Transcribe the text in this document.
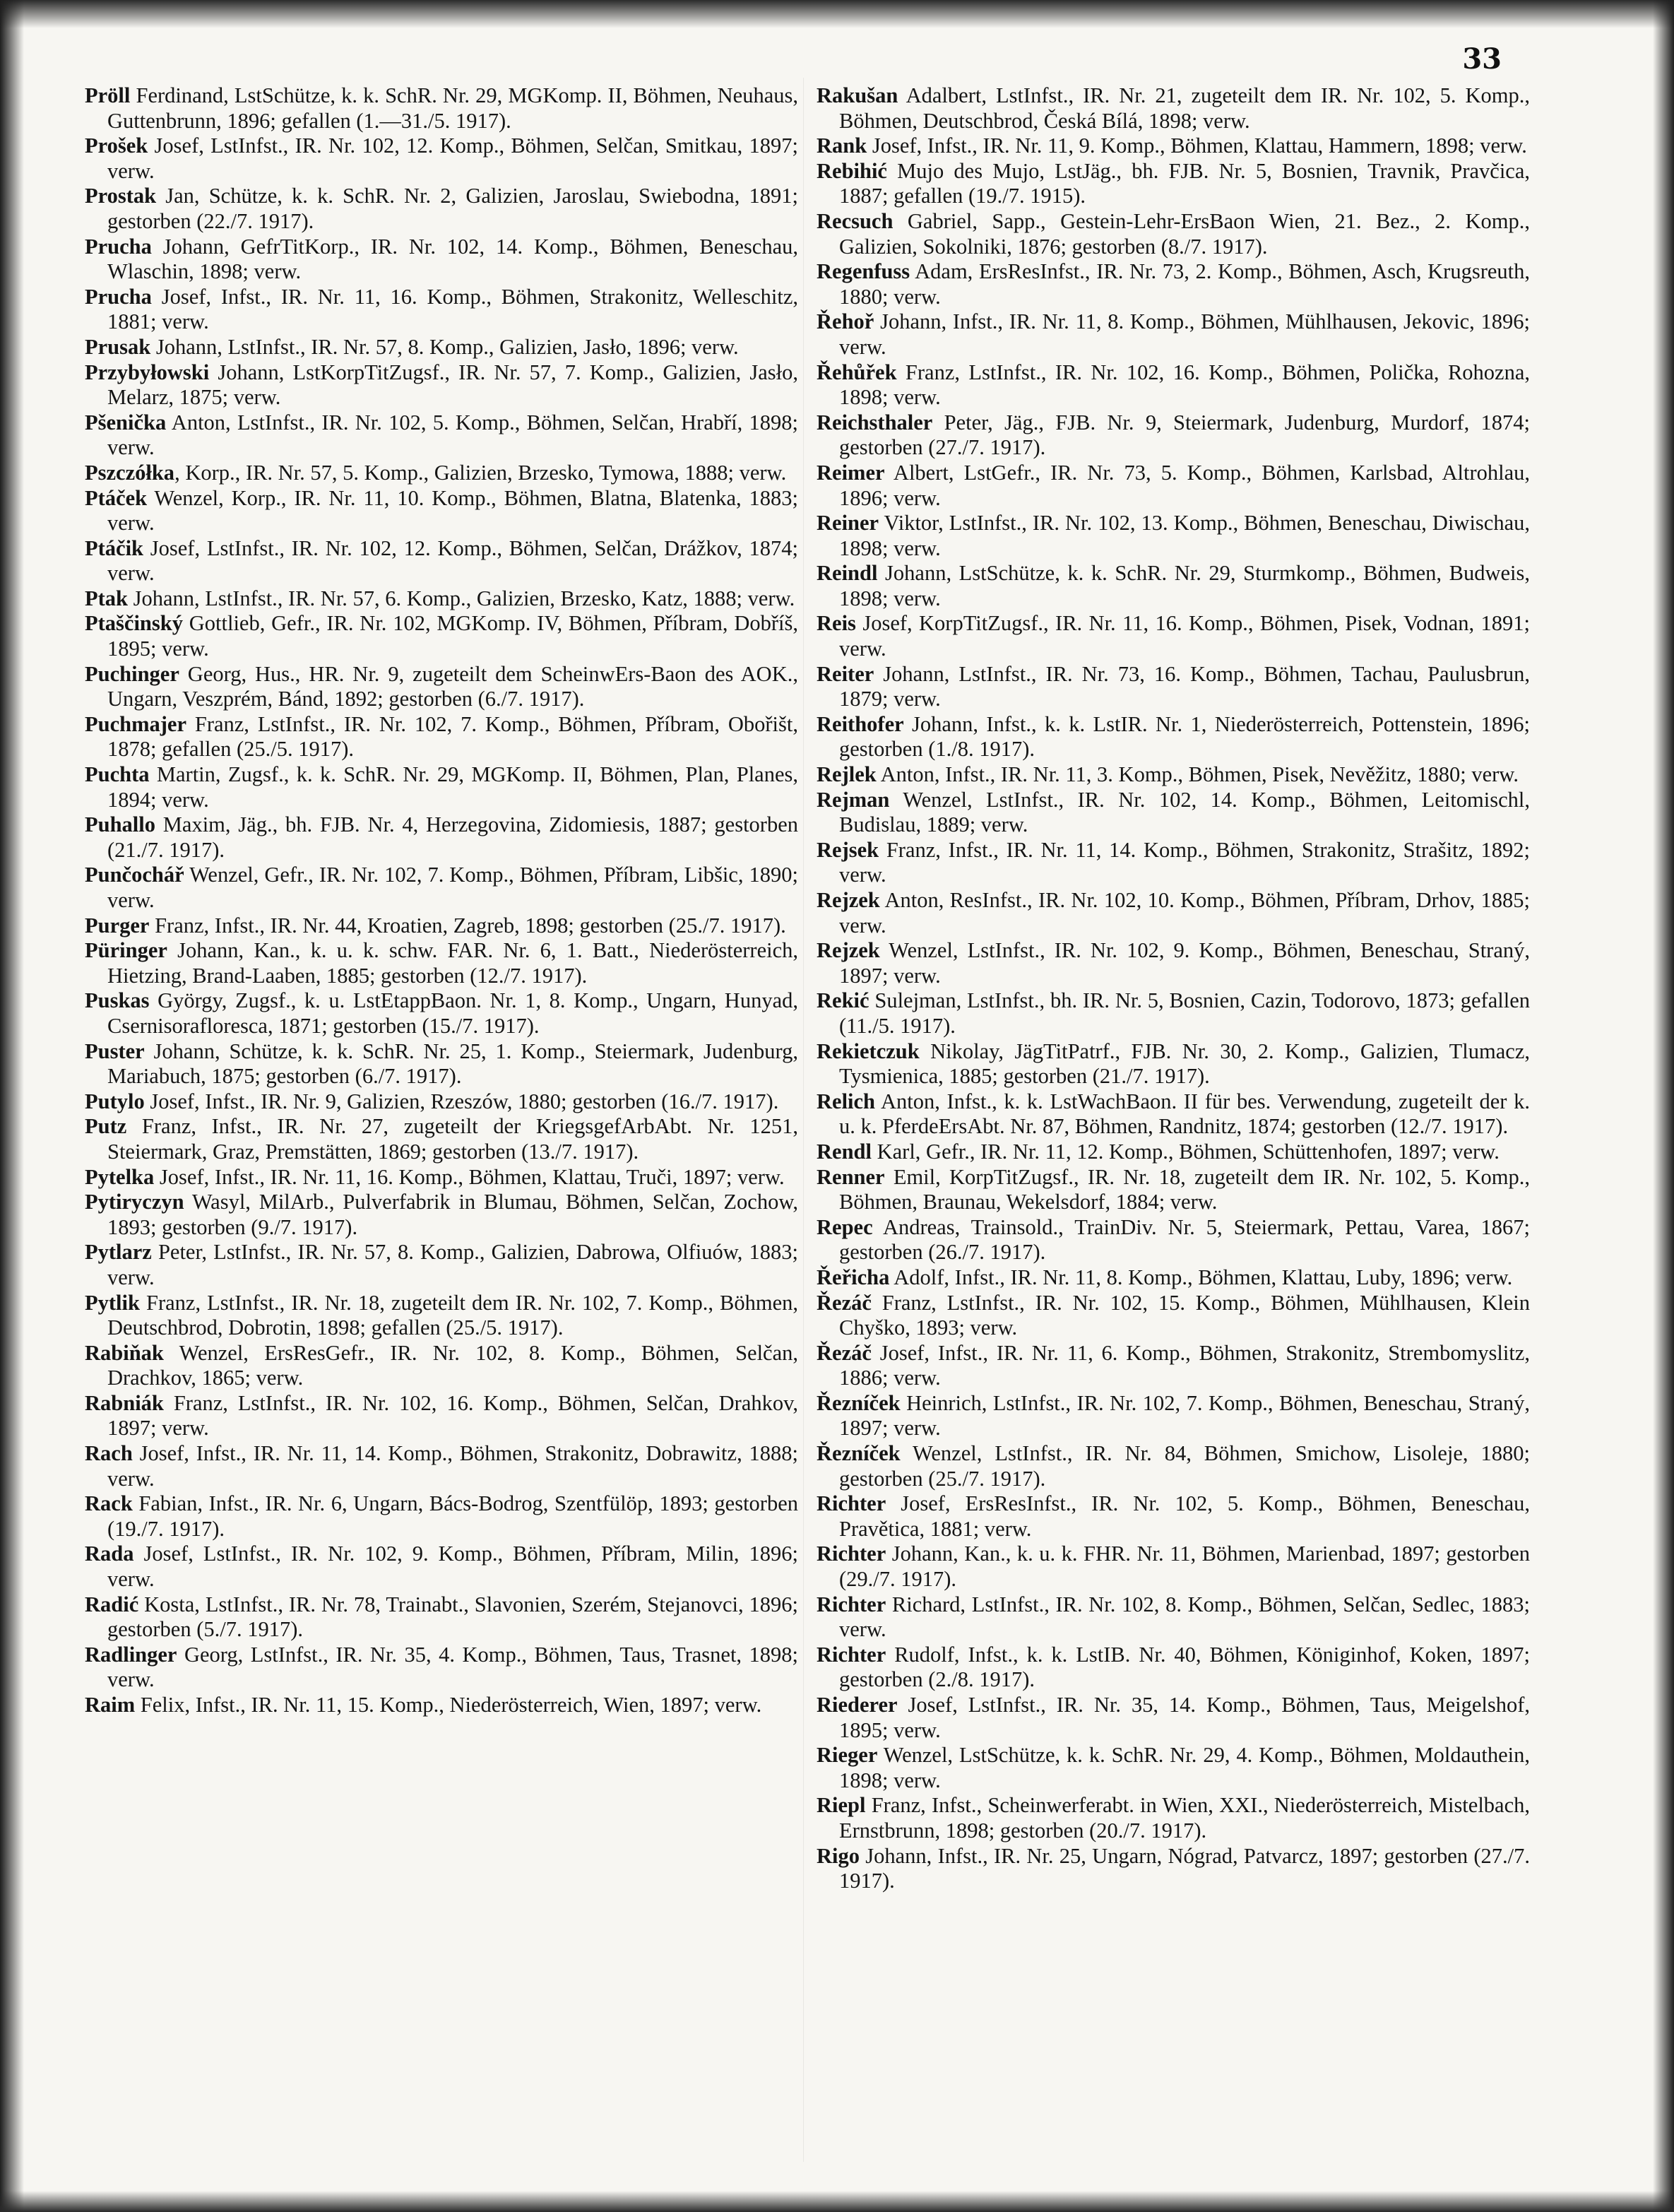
33

Pröll Ferdinand, LstSchütze, k. k. SchR. Nr. 29, MGKomp. II, Böhmen, Neuhaus, Guttenbrunn, 1896; gefallen (1.—31./5. 1917).

Prošek Josef, LstInfst., IR. Nr. 102, 12. Komp., Böhmen, Selčan, Smitkau, 1897; verw.

Prostak Jan, Schütze, k. k. SchR. Nr. 2, Galizien, Jaroslau, Swiebodna, 1891; gestorben (22./7. 1917).

Prucha Johann, GefrTitKorp., IR. Nr. 102, 14. Komp., Böhmen, Beneschau, Wlaschin, 1898; verw.

Prucha Josef, Infst., IR. Nr. 11, 16. Komp., Böhmen, Strakonitz, Welleschitz, 1881; verw.

Prusak Johann, LstInfst., IR. Nr. 57, 8. Komp., Galizien, Jasło, 1896; verw.

Przybyłowski Johann, LstKorpTitZugsf., IR. Nr. 57, 7. Komp., Galizien, Jasło, Melarz, 1875; verw.

Pšenička Anton, LstInfst., IR. Nr. 102, 5. Komp., Böhmen, Selčan, Hrabří, 1898; verw.

Pszczółka, Korp., IR. Nr. 57, 5. Komp., Galizien, Brzesko, Tymowa, 1888; verw.

Ptáček Wenzel, Korp., IR. Nr. 11, 10. Komp., Böhmen, Blatna, Blatenka, 1883; verw.

Ptáčik Josef, LstInfst., IR. Nr. 102, 12. Komp., Böhmen, Selčan, Drážkov, 1874; verw.

Ptak Johann, LstInfst., IR. Nr. 57, 6. Komp., Galizien, Brzesko, Katz, 1888; verw.

Ptaščinský Gottlieb, Gefr., IR. Nr. 102, MGKomp. IV, Böhmen, Příbram, Dobříš, 1895; verw.

Puchinger Georg, Hus., HR. Nr. 9, zugeteilt dem SchеinwErs-Baon des AOK., Ungarn, Veszprém, Bánd, 1892; gestorben (6./7. 1917).

Puchmajer Franz, LstInfst., IR. Nr. 102, 7. Komp., Böhmen, Příbram, Obořišt, 1878; gefallen (25./5. 1917).

Puchta Martin, Zugsf., k. k. SchR. Nr. 29, MGKomp. II, Böhmen, Plan, Planes, 1894; verw.

Puhallo Maxim, Jäg., bh. FJB. Nr. 4, Herzegovina, Zidomiesis, 1887; gestorben (21./7. 1917).

Punčochář Wenzel, Gefr., IR. Nr. 102, 7. Komp., Böhmen, Příbram, Libšic, 1890; verw.

Purger Franz, Infst., IR. Nr. 44, Kroatien, Zagreb, 1898; gestorben (25./7. 1917).

Püringer Johann, Kan., k. u. k. schw. FAR. Nr. 6, 1. Batt., Niederösterreich, Hietzing, Brand-Laaben, 1885; gestorben (12./7. 1917).

Puskas György, Zugsf., k. u. LstEtappBaon. Nr. 1, 8. Komp., Ungarn, Hunyad, Csernisorafloresca, 1871; gestorben (15./7. 1917).

Puster Johann, Schütze, k. k. SchR. Nr. 25, 1. Komp., Steiermark, Judenburg, Mariabuch, 1875; gestorben (6./7. 1917).

Putylo Josef, Infst., IR. Nr. 9, Galizien, Rzeszów, 1880; gestorben (16./7. 1917).

Putz Franz, Infst., IR. Nr. 27, zugeteilt der KriegsgefArbAbt. Nr. 1251, Steiermark, Graz, Premstätten, 1869; gestorben (13./7. 1917).

Pytelka Josef, Infst., IR. Nr. 11, 16. Komp., Böhmen, Klattau, Truči, 1897; verw.

Pytiryczyn Wasyl, MilArb., Pulverfabrik in Blumau, Böhmen, Selčan, Zochow, 1893; gestorben (9./7. 1917).

Pytlarz Peter, LstInfst., IR. Nr. 57, 8. Komp., Galizien, Dabrowa, Olfiuów, 1883; verw.

Pytlik Franz, LstInfst., IR. Nr. 18, zugeteilt dem IR. Nr. 102, 7. Komp., Böhmen, Deutschbrod, Dobrotin, 1898; gefallen (25./5. 1917).

Rabiňak Wenzel, ErsResGefr., IR. Nr. 102, 8. Komp., Böhmen, Selčan, Drachkov, 1865; verw.

Rabniák Franz, LstInfst., IR. Nr. 102, 16. Komp., Böhmen, Selčan, Drahkov, 1897; verw.

Rach Josef, Infst., IR. Nr. 11, 14. Komp., Böhmen, Strakonitz, Dobrawitz, 1888; verw.

Rack Fabian, Infst., IR. Nr. 6, Ungarn, Bács-Bodrog, Szentfülöp, 1893; gestorben (19./7. 1917).

Rada Josef, LstInfst., IR. Nr. 102, 9. Komp., Böhmen, Příbram, Milin, 1896; verw.

Radić Kosta, LstInfst., IR. Nr. 78, Trainabt., Slavonien, Szerém, Stejanovci, 1896; gestorben (5./7. 1917).

Radlinger Georg, LstInfst., IR. Nr. 35, 4. Komp., Böhmen, Taus, Trasnet, 1898; verw.

Raim Felix, Infst., IR. Nr. 11, 15. Komp., Niederösterreich, Wien, 1897; verw.

Rakušan Adalbert, LstInfst., IR. Nr. 21, zugeteilt dem IR. Nr. 102, 5. Komp., Böhmen, Deutschbrod, Česká Bílá, 1898; verw.

Rank Josef, Infst., IR. Nr. 11, 9. Komp., Böhmen, Klattau, Hammern, 1898; verw.

Rebihić Mujo des Mujo, LstJäg., bh. FJB. Nr. 5, Bosnien, Travnik, Pravčica, 1887; gefallen (19./7. 1915).

Recsuch Gabriel, Sapp., Gestein-Lehr-ErsBaon Wien, 21. Bez., 2. Komp., Galizien, Sokolniki, 1876; gestorben (8./7. 1917).

Regenfuss Adam, ErsResInfst., IR. Nr. 73, 2. Komp., Böhmen, Asch, Krugsreuth, 1880; verw.

Řehoř Johann, Infst., IR. Nr. 11, 8. Komp., Böhmen, Mühlhausen, Jekovic, 1896; verw.

Řehůřek Franz, LstInfst., IR. Nr. 102, 16. Komp., Böhmen, Polička, Rohozna, 1898; verw.

Reichsthaler Peter, Jäg., FJB. Nr. 9, Steiermark, Judenburg, Murdorf, 1874; gestorben (27./7. 1917).

Reimer Albert, LstGefr., IR. Nr. 73, 5. Komp., Böhmen, Karlsbad, Altrohlau, 1896; verw.

Reiner Viktor, LstInfst., IR. Nr. 102, 13. Komp., Böhmen, Beneschau, Diwischau, 1898; verw.

Reindl Johann, LstSchütze, k. k. SchR. Nr. 29, Sturmkomp., Böhmen, Budweis, 1898; verw.

Reis Josef, KorpTitZugsf., IR. Nr. 11, 16. Komp., Böhmen, Pisek, Vodnan, 1891; verw.

Reiter Johann, LstInfst., IR. Nr. 73, 16. Komp., Böhmen, Tachau, Paulusbrun, 1879; verw.

Reithofer Johann, Infst., k. k. LstIR. Nr. 1, Niederösterreich, Pottenstein, 1896; gestorben (1./8. 1917).

Rejlek Anton, Infst., IR. Nr. 11, 3. Komp., Böhmen, Pisek, Nevěžitz, 1880; verw.

Rejman Wenzel, LstInfst., IR. Nr. 102, 14. Komp., Böhmen, Leitomischl, Budislau, 1889; verw.

Rejsek Franz, Infst., IR. Nr. 11, 14. Komp., Böhmen, Strakonitz, Strašitz, 1892; verw.

Rejzek Anton, ResInfst., IR. Nr. 102, 10. Komp., Böhmen, Příbram, Drhov, 1885; verw.

Rejzek Wenzel, LstInfst., IR. Nr. 102, 9. Komp., Böhmen, Beneschau, Strаný, 1897; verw.

Rekić Sulejman, LstInfst., bh. IR. Nr. 5, Bosnien, Cazin, Todorovo, 1873; gefallen (11./5. 1917).

Rekietczuk Nikolay, JägTitPatrf., FJB. Nr. 30, 2. Komp., Galizien, Tlumacz, Tysmienica, 1885; gestorben (21./7. 1917).

Relich Anton, Infst., k. k. LstWachBaon. II für bes. Verwendung, zugeteilt der k. u. k. PferdeErsAbt. Nr. 87, Böhmen, Randnitz, 1874; gestorben (12./7. 1917).

Rendl Karl, Gefr., IR. Nr. 11, 12. Komp., Böhmen, Schüttenhofen, 1897; verw.

Renner Emil, KorpTitZugsf., IR. Nr. 18, zugeteilt dem IR. Nr. 102, 5. Komp., Böhmen, Braunau, Wekelsdorf, 1884; verw.

Repec Andreas, Trainsold., TrainDiv. Nr. 5, Steiermark, Pettau, Varea, 1867; gestorben (26./7. 1917).

Řeřicha Adolf, Infst., IR. Nr. 11, 8. Komp., Böhmen, Klattau, Luby, 1896; verw.

Řezáč Franz, LstInfst., IR. Nr. 102, 15. Komp., Böhmen, Mühlhausen, Klein Chyško, 1893; verw.

Řezáč Josef, Infst., IR. Nr. 11, 6. Komp., Böhmen, Strakonitz, Strembomyslitz, 1886; verw.

Řezníček Heinrich, LstInfst., IR. Nr. 102, 7. Komp., Böhmen, Beneschau, Strаný, 1897; verw.

Řezníček Wenzel, LstInfst., IR. Nr. 84, Böhmen, Smichow, Lisoleje, 1880; gestorben (25./7. 1917).

Richter Josef, ErsResInfst., IR. Nr. 102, 5. Komp., Böhmen, Beneschau, Pravětica, 1881; verw.

Richter Johann, Kan., k. u. k. FHR. Nr. 11, Böhmen, Marienbad, 1897; gestorben (29./7. 1917).

Richter Richard, LstInfst., IR. Nr. 102, 8. Komp., Böhmen, Selčan, Sedlec, 1883; verw.

Richter Rudolf, Infst., k. k. LstIB. Nr. 40, Böhmen, Königinhof, Koken, 1897; gestorben (2./8. 1917).

Riederer Josef, LstInfst., IR. Nr. 35, 14. Komp., Böhmen, Taus, Meigelshof, 1895; verw.

Rieger Wenzel, LstSchütze, k. k. SchR. Nr. 29, 4. Komp., Böhmen, Moldauthein, 1898; verw.

Riepl Franz, Infst., Scheinwerferabt. in Wien, XXI., Niederösterreich, Mistelbach, Ernstbrunn, 1898; gestorben (20./7. 1917).

Rigo Johann, Infst., IR. Nr. 25, Ungarn, Nógrad, Patvarcz, 1897; gestorben (27./7. 1917).
